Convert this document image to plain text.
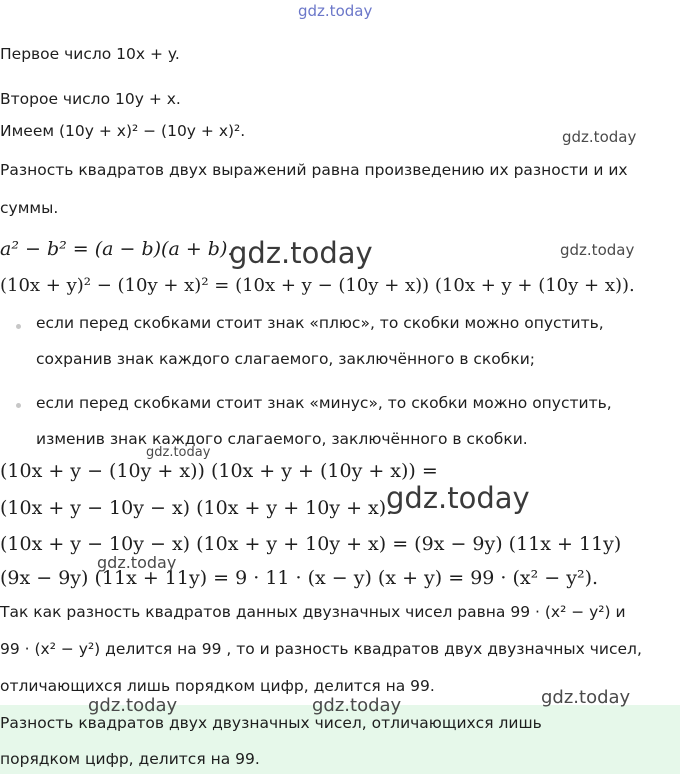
Первое число 10x + y.
Второе число 10y + x.
Имеем (10y + x)² − (10y + x)².
Разность квадратов двух выражений равна произведению их разности и их
суммы.
a² − b² = (a − b)(a + b).
(10x + y)² − (10y + x)² = (10x + y − (10y + x)) (10x + y + (10y + x)).
если перед скобками стоит знак «плюс», то скобки можно опустить,
сохранив знак каждого слагаемого, заключённого в скобки;
если перед скобками стоит знак «минус», то скобки можно опустить,
изменив знак каждого слагаемого, заключённого в скобки.
(10x + y − (10y + x)) (10x + y + (10y + x)) =
(10x + y − 10y − x) (10x + y + 10y + x).
(10x + y − 10y − x) (10x + y + 10y + x) = (9x − 9y) (11x + 11y)
(9x − 9y) (11x + 11y) = 9 · 11 · (x − y) (x + y) = 99 · (x² − y²).
Так как разность квадратов данных двузначных чисел равна 99 · (x² − y²) и
99 · (x² − y²) делится на 99 , то и разность квадратов двух двузначных чисел,
отличающихся лишь порядком цифр, делится на 99.
Разность квадратов двух двузначных чисел, отличающихся лишь
порядком цифр, делится на 99.
gdz.today
gdz.today
gdz.today	gdz.today
gdz.today
gdz.today
gdz.today
gdz.today
gdz.today	gdz.today
